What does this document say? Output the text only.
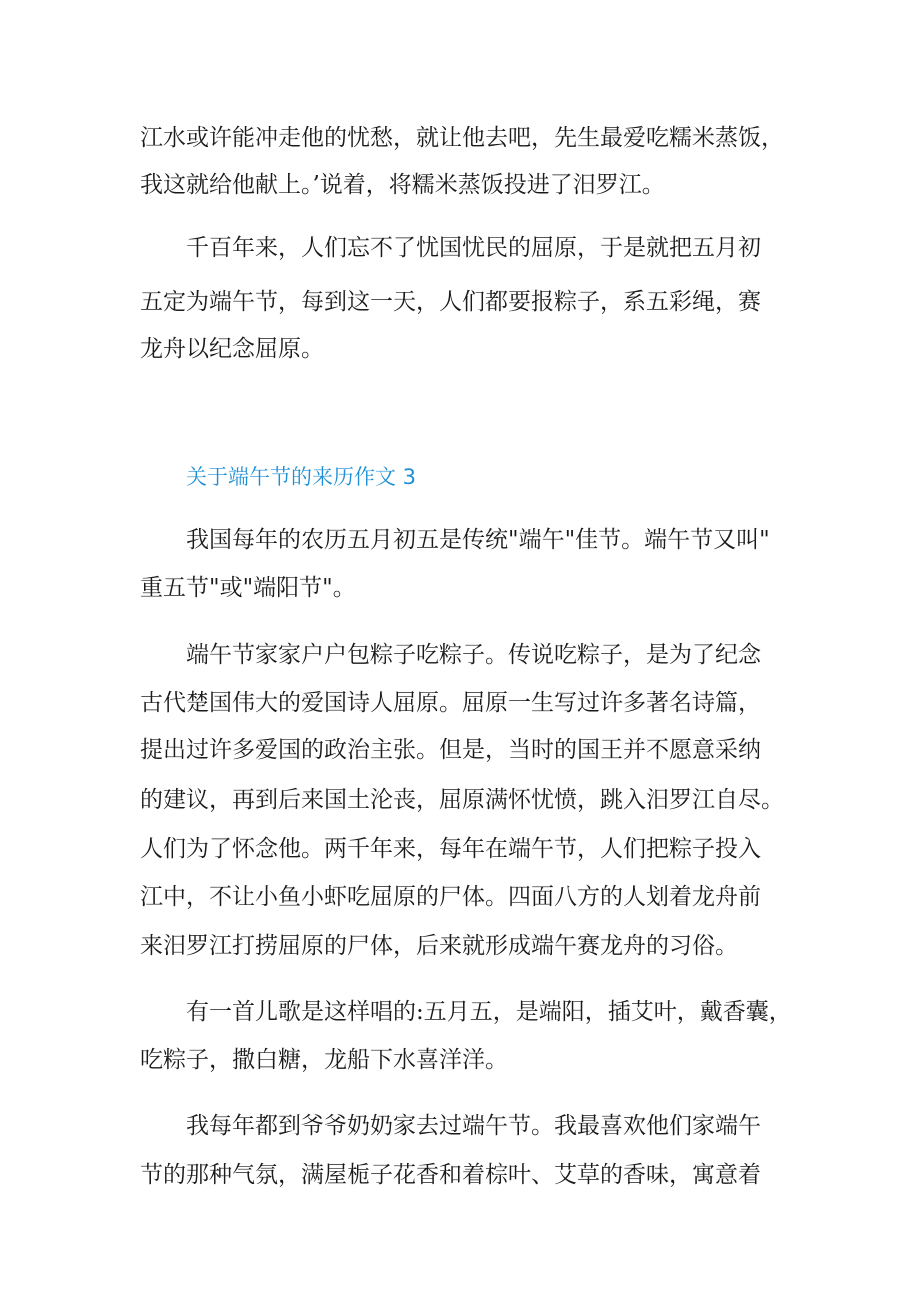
江水或许能冲走他的忧愁，就让他去吧，先生最爱吃糯米蒸饭，
我这就给他献上。’说着，将糯米蒸饭投进了汨罗江。
千百年来，人们忘不了忧国忧民的屈原，于是就把五月初
五定为端午节，每到这一天，人们都要报粽子，系五彩绳，赛
龙舟以纪念屈原。
关于端午节的来历作文 3
我国每年的农历五月初五是传统"端午"佳节。端午节又叫"
重五节"或"端阳节"。
端午节家家户户包粽子吃粽子。传说吃粽子，是为了纪念
古代楚国伟大的爱国诗人屈原。屈原一生写过许多著名诗篇，
提出过许多爱国的政治主张。但是，当时的国王并不愿意采纳
的建议，再到后来国土沦丧，屈原满怀忧愤，跳入汨罗江自尽。
人们为了怀念他。两千年来，每年在端午节，人们把粽子投入
江中，不让小鱼小虾吃屈原的尸体。四面八方的人划着龙舟前
来汨罗江打捞屈原的尸体，后来就形成端午赛龙舟的习俗。
有一首儿歌是这样唱的:五月五，是端阳，插艾叶，戴香囊，
吃粽子，撒白糖，龙船下水喜洋洋。
我每年都到爷爷奶奶家去过端午节。我最喜欢他们家端午
节的那种气氛，满屋栀子花香和着棕叶、艾草的香味，寓意着
